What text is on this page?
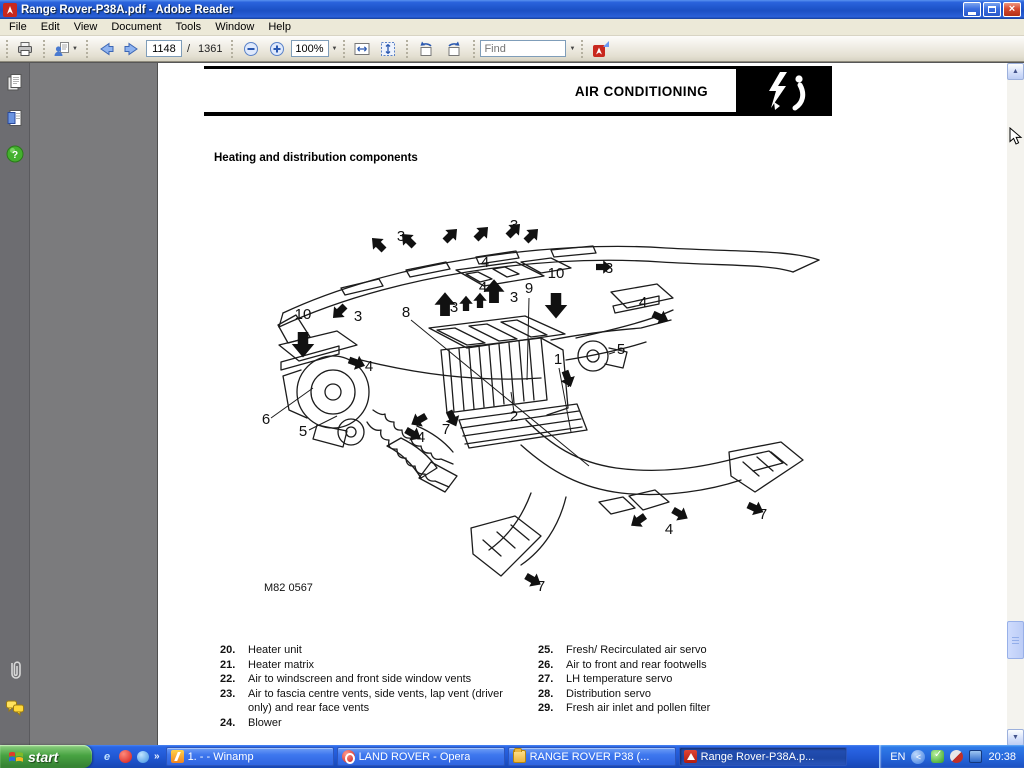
Range Rover-P38A.pdf - Adobe Reader	×
File	Edit	View	Document	Tools	Window	Help
▼
1148	/ 1361
100%	▼
Find	▼
?
AIR CONDITIONING
Heating and distribution components
3
3
3
4
4
10
9
3
3
3
10	8
4
4
5
1
7
6
5
2
7
4
4
7
7
M82 0567
20.	Heater unit
21.	Heater matrix
22.	Air to windscreen and front side window vents
23.	Air to fascia centre vents, side vents, lap vent (driver only) and rear face vents
24.	Blower
25.	Fresh/ Recirculated air servo
26.	Air to front and rear footwells
27.	LH temperature servo
28.	Distribution servo
29.	Fresh air inlet and pollen filter
▲
▼
start	e	»	1. - - Winamp	LAND ROVER - Opera	RANGE ROVER P38 (...	Range Rover-P38A.p...	EN	< ✓	20:38
